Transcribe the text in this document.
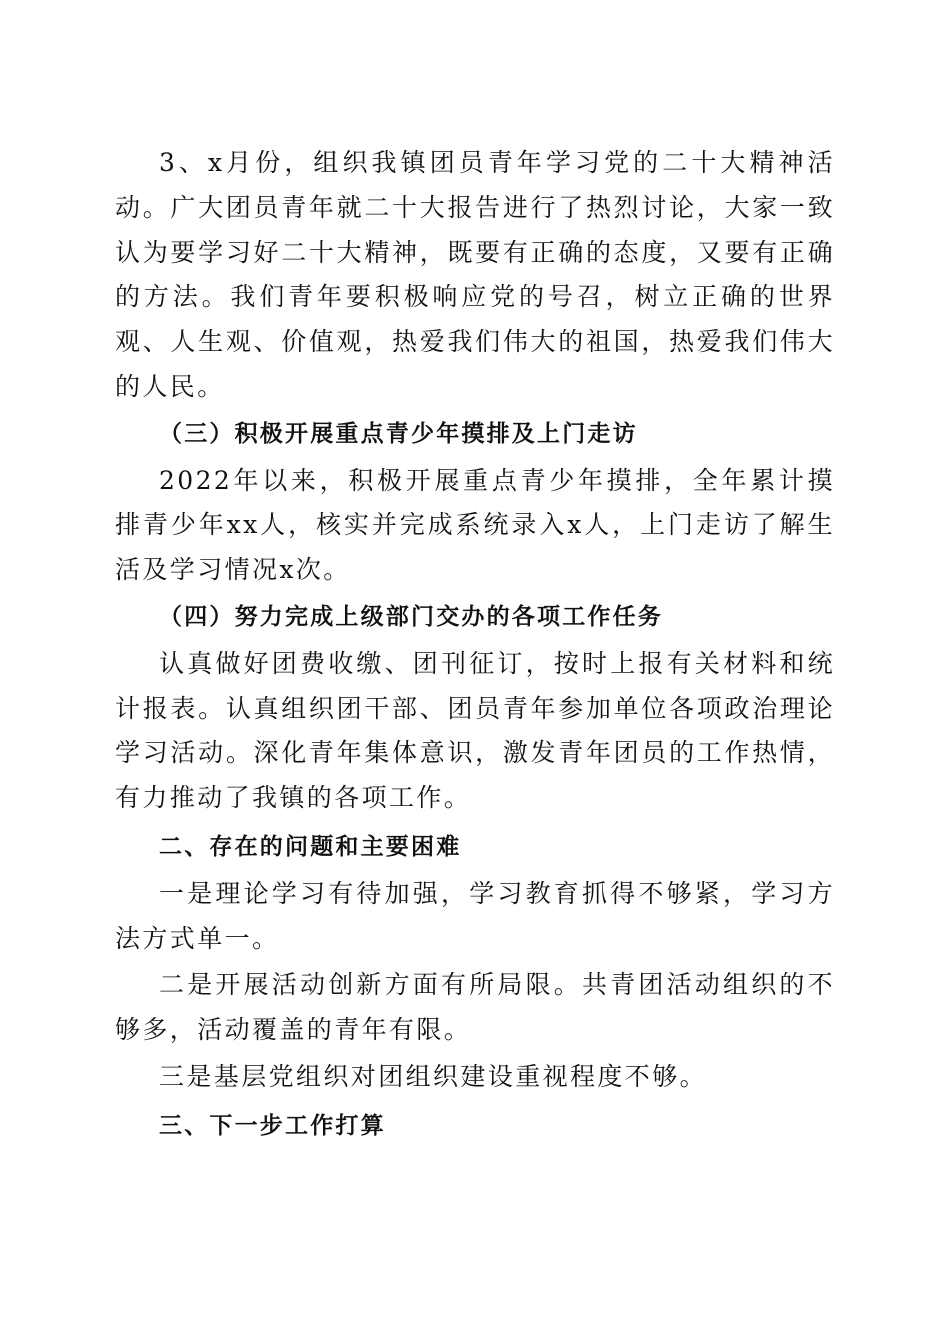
3、x月份，组织我镇团员青年学习党的二十大精神活动。广大团员青年就二十大报告进行了热烈讨论，大家一致认为要学习好二十大精神，既要有正确的态度，又要有正确的方法。我们青年要积极响应党的号召，树立正确的世界观、人生观、价值观，热爱我们伟大的祖国，热爱我们伟大的人民。

（三）积极开展重点青少年摸排及上门走访

2022年以来，积极开展重点青少年摸排，全年累计摸排青少年xx人，核实并完成系统录入x人，上门走访了解生活及学习情况x次。

（四）努力完成上级部门交办的各项工作任务

认真做好团费收缴、团刊征订，按时上报有关材料和统计报表。认真组织团干部、团员青年参加单位各项政治理论学习活动。深化青年集体意识，激发青年团员的工作热情，有力推动了我镇的各项工作。

二、存在的问题和主要困难

一是理论学习有待加强，学习教育抓得不够紧，学习方法方式单一。

二是开展活动创新方面有所局限。共青团活动组织的不够多，活动覆盖的青年有限。

三是基层党组织对团组织建设重视程度不够。

三、下一步工作打算
